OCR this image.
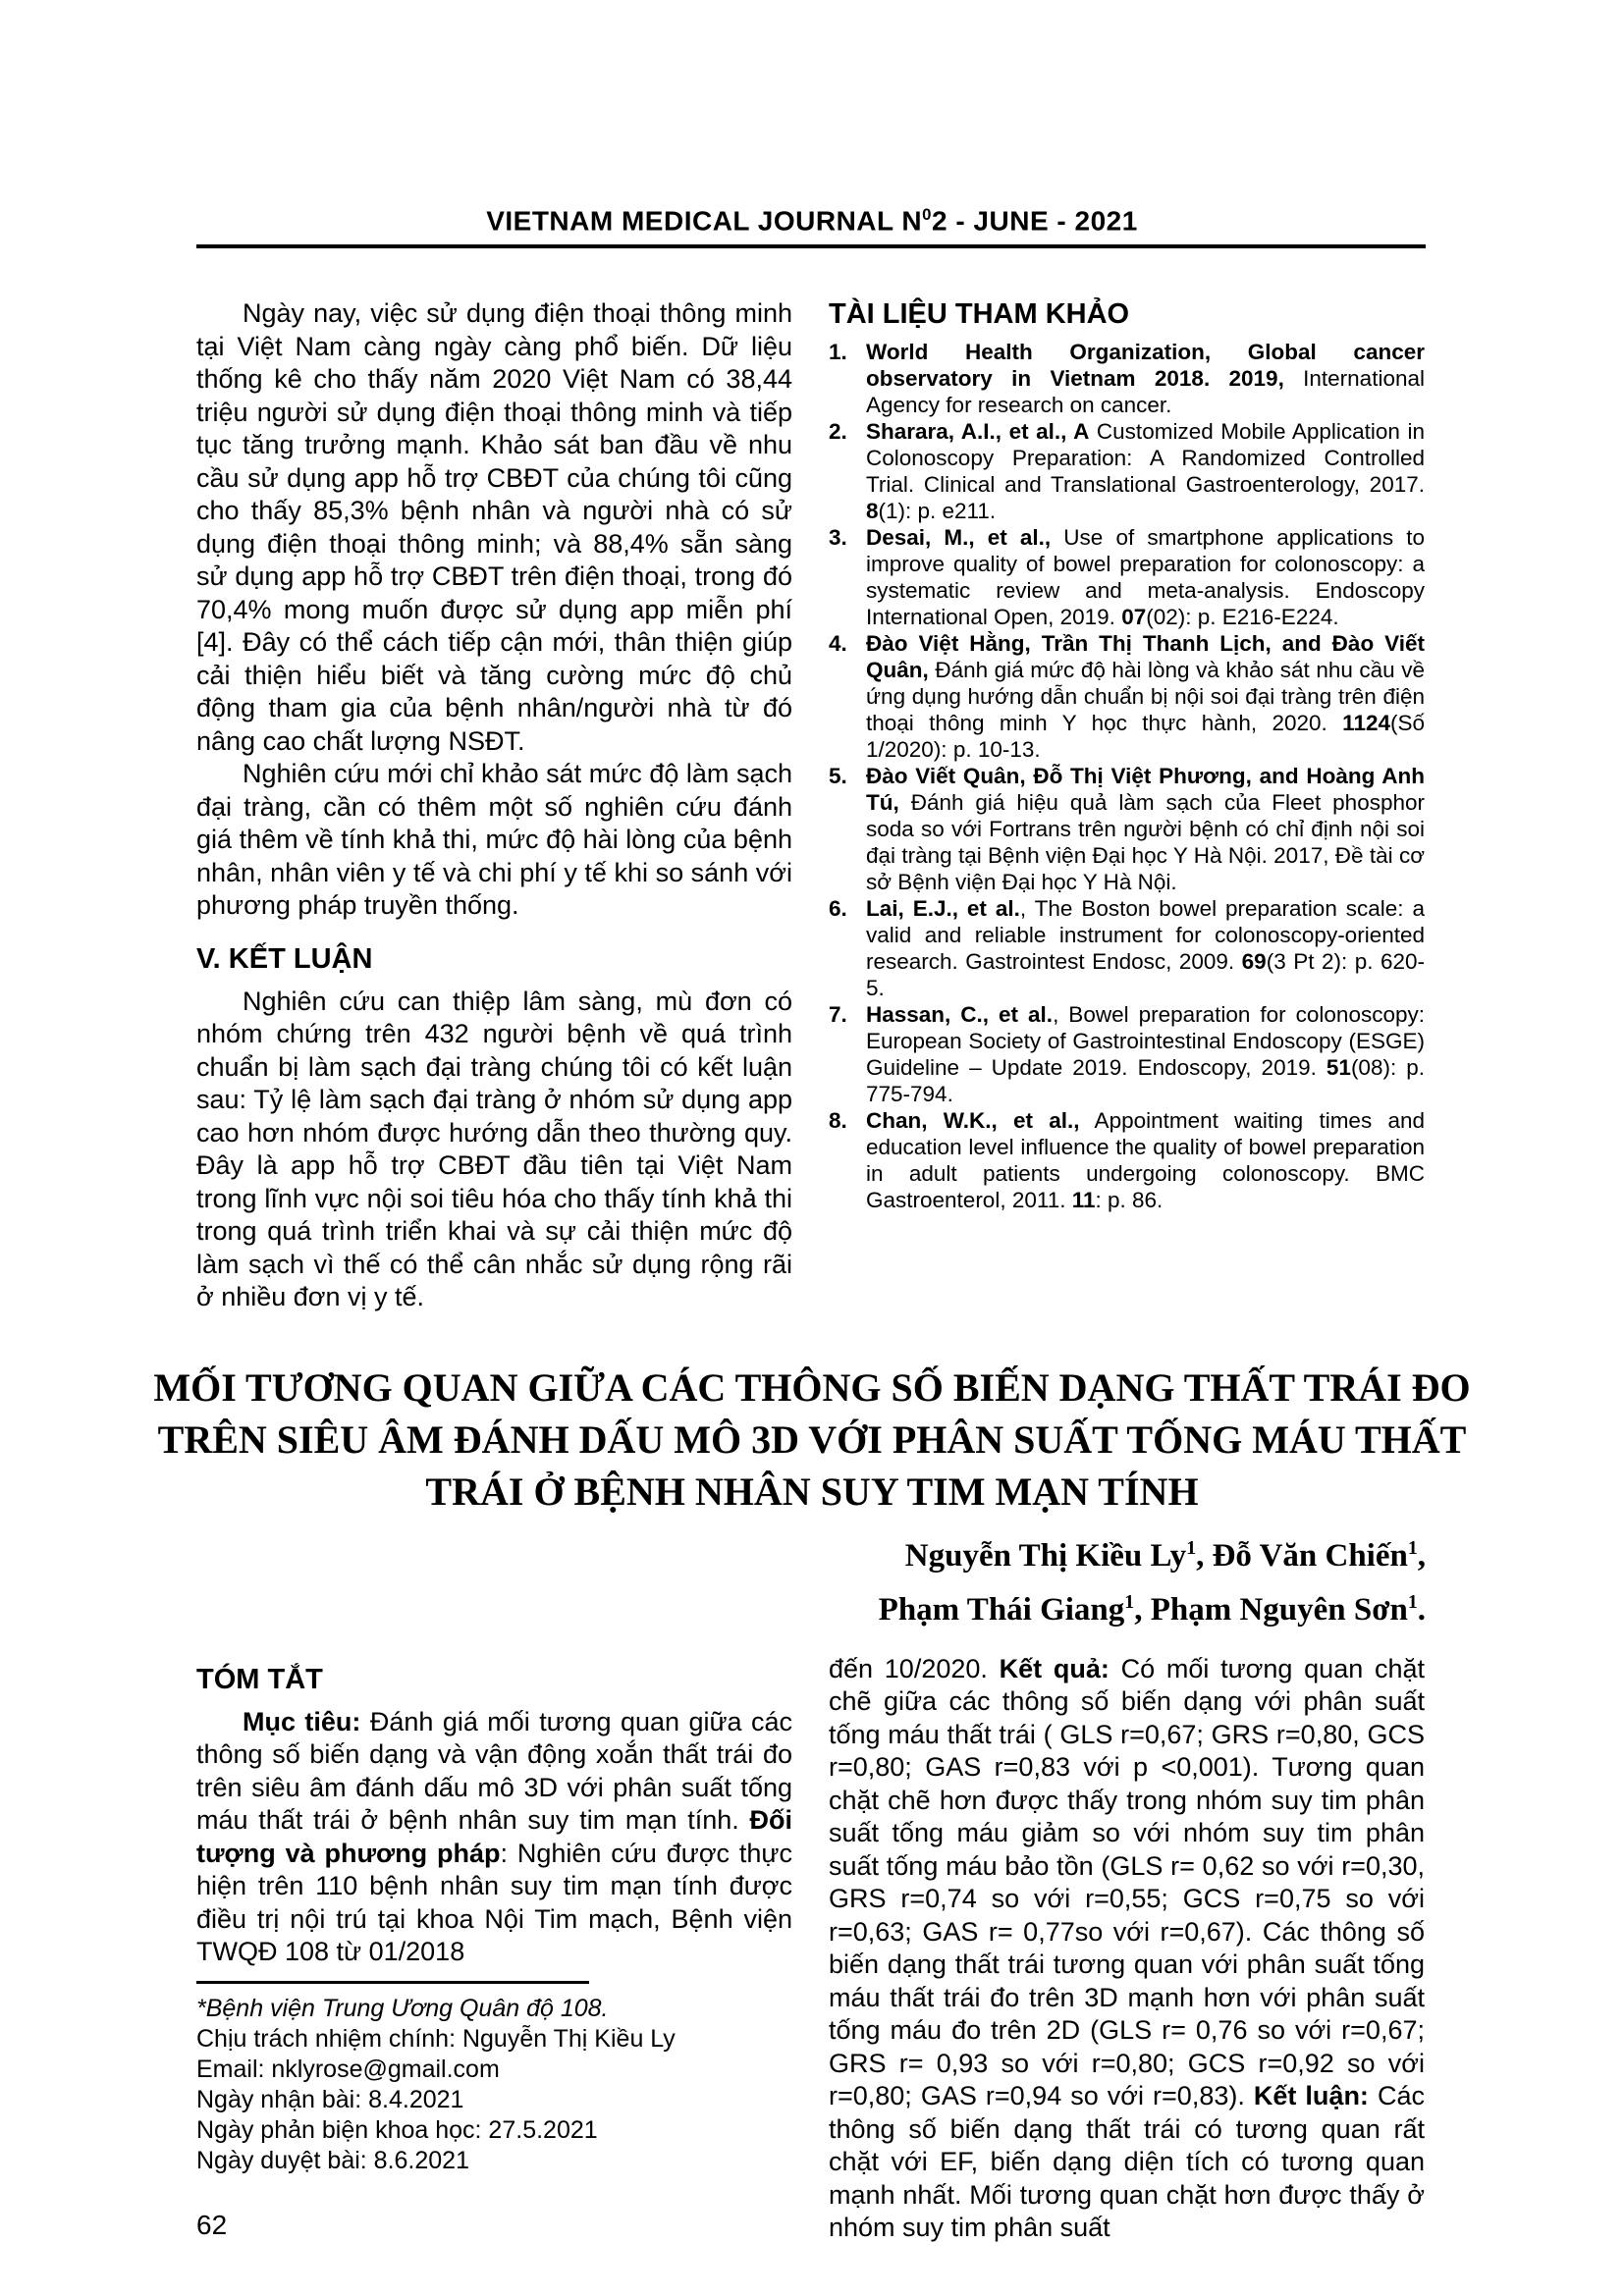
VIETNAM MEDICAL JOURNAL $N^02$ - JUNE - 2021

Ngày nay, việc sử dụng điện thoại thông minh tại Việt Nam càng ngày càng phổ biến. Dữ liệu thống kê cho thấy năm 2020 Việt Nam có 38,44 triệu người sử dụng điện thoại thông minh và tiếp tục tăng trưởng mạnh. Khảo sát ban đầu về nhu cầu sử dụng app hỗ trợ CBĐT của chúng tôi cũng cho thấy 85,3% bệnh nhân và người nhà có sử dụng điện thoại thông minh; và 88,4% sẵn sàng sử dụng app hỗ trợ CBĐT trên điện thoại, trong đó 70,4% mong muốn được sử dụng app miễn phí [4]. Đây có thể cách tiếp cận mới, thân thiện giúp cải thiện hiểu biết và tăng cường mức độ chủ động tham gia của bệnh nhân/người nhà từ đó nâng cao chất lượng NSĐT.

Nghiên cứu mới chỉ khảo sát mức độ làm sạch đại tràng, cần có thêm một số nghiên cứu đánh giá thêm về tính khả thi, mức độ hài lòng của bệnh nhân, nhân viên y tế và chi phí y tế khi so sánh với phương pháp truyền thống.

V. KẾT LUẬN

Nghiên cứu can thiệp lâm sàng, mù đơn có nhóm chứng trên 432 người bệnh về quá trình chuẩn bị làm sạch đại tràng chúng tôi có kết luận sau: Tỷ lệ làm sạch đại tràng ở nhóm sử dụng app cao hơn nhóm được hướng dẫn theo thường quy. Đây là app hỗ trợ CBĐT đầu tiên tại Việt Nam trong lĩnh vực nội soi tiêu hóa cho thấy tính khả thi trong quá trình triển khai và sự cải thiện mức độ làm sạch vì thế có thể cân nhắc sử dụng rộng rãi ở nhiều đơn vị y tế.

TÀI LIỆU THAM KHẢO
1. World Health Organization, Global cancer observatory in Vietnam 2018. 2019, International Agency for research on cancer.
2. Sharara, A.I., et al., A Customized Mobile Application in Colonoscopy Preparation: A Randomized Controlled Trial. Clinical and Translational Gastroenterology, 2017. 8(1): p. e211.
3. Desai, M., et al., Use of smartphone applications to improve quality of bowel preparation for colonoscopy: a systematic review and meta-analysis. Endoscopy International Open, 2019. 07(02): p. E216-E224.
4. Đào Việt Hằng, Trần Thị Thanh Lịch, and Đào Viết Quân, Đánh giá mức độ hài lòng và khảo sát nhu cầu về ứng dụng hướng dẫn chuẩn bị nội soi đại tràng trên điện thoại thông minh Y học thực hành, 2020. 1124(Số 1/2020): p. 10-13.
5. Đào Viết Quân, Đỗ Thị Việt Phương, and Hoàng Anh Tú, Đánh giá hiệu quả làm sạch của Fleet phosphor soda so với Fortrans trên người bệnh có chỉ định nội soi đại tràng tại Bệnh viện Đại học Y Hà Nội. 2017, Đề tài cơ sở Bệnh viện Đại học Y Hà Nội.
6. Lai, E.J., et al., The Boston bowel preparation scale: a valid and reliable instrument for colonoscopy-oriented research. Gastrointest Endosc, 2009. 69(3 Pt 2): p. 620-5.
7. Hassan, C., et al., Bowel preparation for colonoscopy: European Society of Gastrointestinal Endoscopy (ESGE) Guideline – Update 2019. Endoscopy, 2019. 51(08): p. 775-794.
8. Chan, W.K., et al., Appointment waiting times and education level influence the quality of bowel preparation in adult patients undergoing colonoscopy. BMC Gastroenterol, 2011. 11: p. 86.
MỐI TƯƠNG QUAN GIỮA CÁC THÔNG SỐ BIẾN DẠNG THẤT TRÁI ĐO
TRÊN SIÊU ÂM ĐÁNH DẤU MÔ 3D VỚI PHÂN SUẤT TỐNG MÁU THẤT
TRÁI Ở BỆNH NHÂN SUY TIM MẠN TÍNH
Nguyễn Thị Kiều Ly$^1$, Đỗ Văn Chiến$^1$,
Phạm Thái Giang$^1$, Phạm Nguyên Sơn$^1$.
TÓM TẮT

Mục tiêu: Đánh giá mối tương quan giữa các thông số biến dạng và vận động xoắn thất trái đo trên siêu âm đánh dấu mô 3D với phân suất tống máu thất trái ở bệnh nhân suy tim mạn tính. Đối tượng và phương pháp: Nghiên cứu được thực hiện trên 110 bệnh nhân suy tim mạn tính được điều trị nội trú tại khoa Nội Tim mạch, Bệnh viện TWQĐ 108 từ 01/2018

*Bệnh viện Trung Ương Quân độ 108.
Chịu trách nhiệm chính: Nguyễn Thị Kiều Ly
Email: nklyrose@gmail.com
Ngày nhận bài: 8.4.2021
Ngày phản biện khoa học: 27.5.2021
Ngày duyệt bài: 8.6.2021
62

đến 10/2020. Kết quả: Có mối tương quan chặt chẽ giữa các thông số biến dạng với phân suất tống máu thất trái ( GLS r=0,67; GRS r=0,80, GCS r=0,80; GAS r=0,83 với p <0,001). Tương quan chặt chẽ hơn được thấy trong nhóm suy tim phân suất tống máu giảm so với nhóm suy tim phân suất tống máu bảo tồn (GLS r= 0,62 so với r=0,30, GRS r=0,74 so với r=0,55; GCS r=0,75 so với r=0,63; GAS r= 0,77so với r=0,67). Các thông số biến dạng thất trái tương quan với phân suất tống máu thất trái đo trên 3D mạnh hơn với phân suất tống máu đo trên 2D (GLS r= 0,76 so với r=0,67; GRS r= 0,93 so với r=0,80; GCS r=0,92 so với r=0,80; GAS r=0,94 so với r=0,83). Kết luận: Các thông số biến dạng thất trái có tương quan rất chặt với EF, biến dạng diện tích có tương quan mạnh nhất. Mối tương quan chặt hơn được thấy ở nhóm suy tim phân suất
